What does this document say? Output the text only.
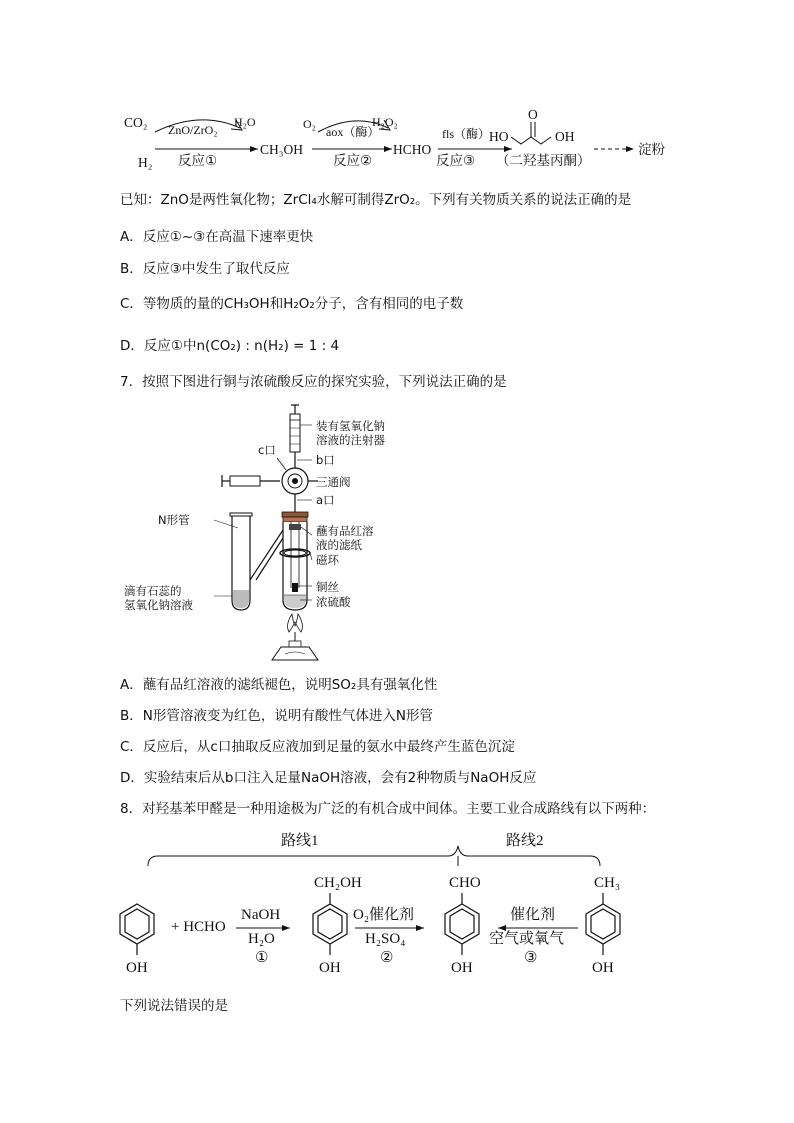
CO₂
H₂
ZnO/ZrO₂
H₂O
反应①
CH₃OH
O₂
aox（酶）
H₂O₂
反应②
HCHO
fls（酶）
反应③
HO
O
OH
（二羟基丙酮）
淀粉
已知：ZnO是两性氧化物；ZrCl₄水解可制得ZrO₂。下列有关物质关系的说法正确的是
A．反应①~③在高温下速率更快
B．反应③中发生了取代反应
C．等物质的量的CH₃OH和H₂O₂分子，含有相同的电子数
D．反应①中n(CO₂) : n(H₂) = 1 : 4
7．按照下图进行铜与浓硫酸反应的探究实验，下列说法正确的是
装有氢氧化钠
溶液的注射器
c口
b口
三通阀
a口
N形管
蘸有品红溶
液的滤纸
磁环
铜丝
浓硫酸
滴有石蕊的
氢氧化钠溶液
A．蘸有品红溶液的滤纸褪色，说明SO₂具有强氧化性
B．N形管溶液变为红色，说明有酸性气体进入N形管
C．反应后，从c口抽取反应液加到足量的氨水中最终产生蓝色沉淀
D．实验结束后从b口注入足量NaOH溶液，会有2种物质与NaOH反应
8．对羟基苯甲醛是一种用途极为广泛的有机合成中间体。主要工业合成路线有以下两种：
路线1	路线2
OH
+ HCHO
NaOH
H₂O
①
CH₂OH
OH
O₂催化剂
H₂SO₄
②
CHO
OH
催化剂
空气或氧气
③
CH₃
OH
下列说法错误的是
